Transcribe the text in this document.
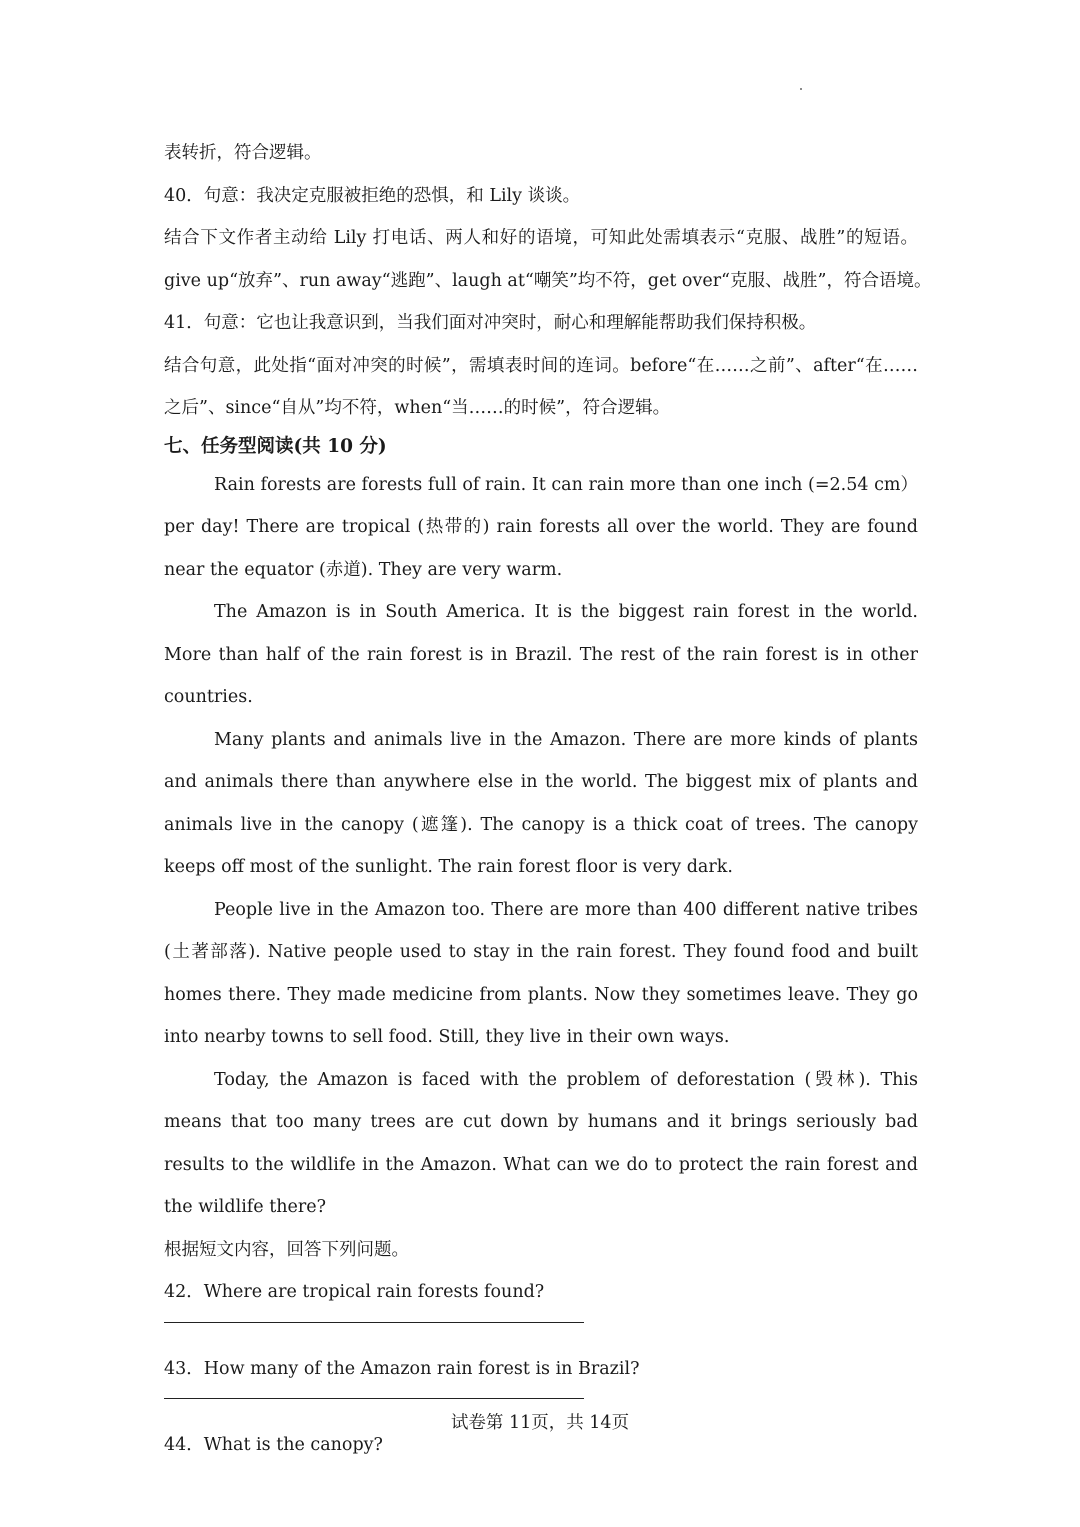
表转折，符合逻辑。

40．句意：我决定克服被拒绝的恐惧，和 Lily 谈谈。

结合下文作者主动给 Lily 打电话、两人和好的语境，可知此处需填表示“克服、战胜”的短语。

give up“放弃”、run away“逃跑”、laugh at“嘲笑”均不符，get over“克服、战胜”，符合语境。

41．句意：它也让我意识到，当我们面对冲突时，耐心和理解能帮助我们保持积极。

结合句意，此处指“面对冲突的时候”，需填表时间的连词。before“在……之前”、after“在……

之后”、since“自从”均不符，when“当……的时候”，符合逻辑。

七、任务型阅读(共 10 分)

Rain forests are forests full of rain. It can rain more than one inch (=2.54 cm） per day! There are tropical (热带的) rain forests all over the world. They are found near the equator (赤道). They are very warm.

The Amazon is in South America. It is the biggest rain forest in the world. More than half of the rain forest is in Brazil. The rest of the rain forest is in other countries.

Many plants and animals live in the Amazon. There are more kinds of plants and animals there than anywhere else in the world. The biggest mix of plants and animals live in the canopy (遮篷). The canopy is a thick coat of trees. The canopy keeps off most of the sunlight. The rain forest floor is very dark.

People live in the Amazon too. There are more than 400 different native tribes (土著部落). Native people used to stay in the rain forest. They found food and built homes there. They made medicine from plants. Now they sometimes leave. They go into nearby towns to sell food. Still, they live in their own ways.

Today, the Amazon is faced with the problem of deforestation (毁林). This means that too many trees are cut down by humans and it brings seriously bad results to the wildlife in the Amazon. What can we do to protect the rain forest and the wildlife there?

根据短文内容，回答下列问题。

42．Where are tropical rain forests found?

43．How many of the Amazon rain forest is in Brazil?

44．What is the canopy?

试卷第 11页，共 14页
